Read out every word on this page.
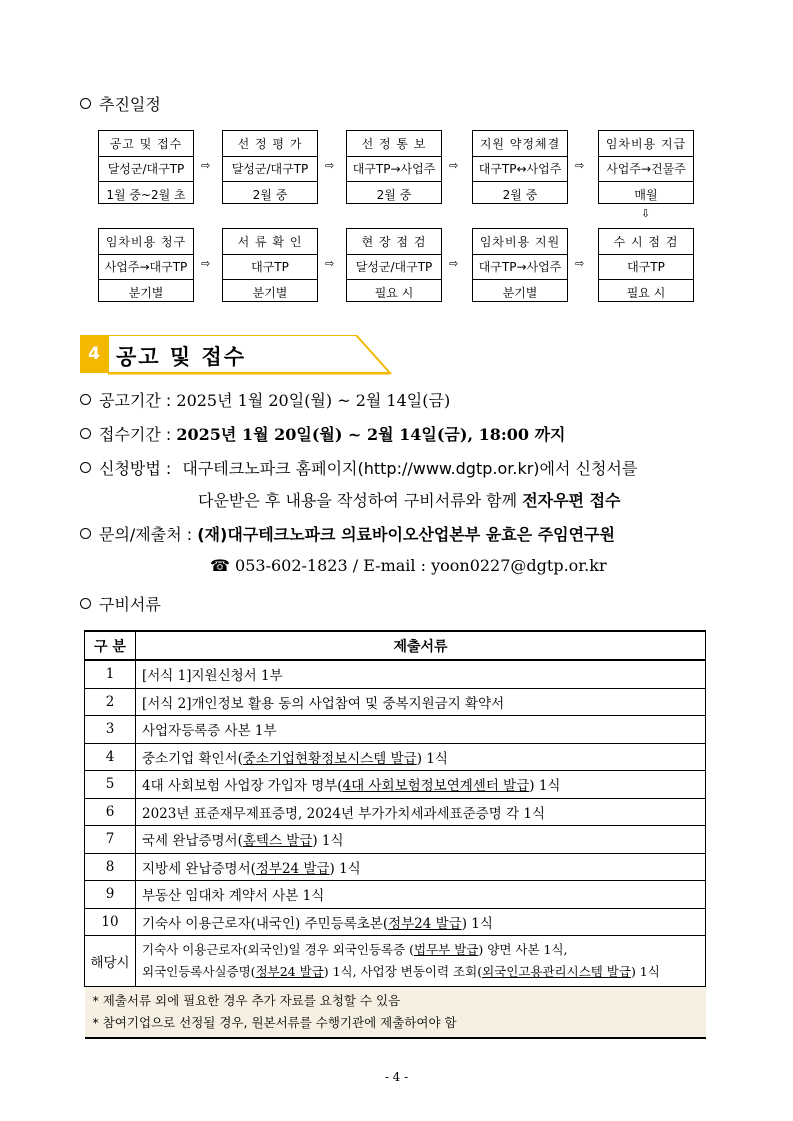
추진일정
공고 및 접수
달성군/대구TP
1월 중~2월 초
⇨
선 정 평 가
달성군/대구TP
2월 중
⇨
선 정 통 보
대구TP→사업주
2월 중
⇨
지원 약정체결
대구TP↔사업주
2월 중
⇨
임차비용 지급
사업주→건물주
매월
임차비용 청구
사업주→대구TP
분기별
⇨
서 류 확 인
대구TP
분기별
⇨
현 장 점 검
달성군/대구TP
필요 시
⇨
임차비용 지원
대구TP→사업주
분기별
⇨
수 시 점 검
대구TP
필요 시
⇩
4 공고 및 접수
공고기간 : 2025년 1월 20일(월) ~ 2월 14일(금)
접수기간 : 2025년 1월 20일(월) ~ 2월 14일(금), 18:00 까지
신청방법 : 대구테크노파크 홈페이지(http://www.dgtp.or.kr)에서 신청서를
다운받은 후 내용을 작성하여 구비서류와 함께 전자우편 접수
문의/제출처 : (재)대구테크노파크 의료바이오산업본부 윤효은 주임연구원
☎ 053-602-1823 / E-mail : yoon0227@dgtp.or.kr
구비서류
구 분	제출서류
1	[서식 1]지원신청서 1부
2	[서식 2]개인정보 활용 동의 사업참여 및 중복지원금지 확약서
3	사업자등록증 사본 1부
4	중소기업 확인서(중소기업현황정보시스템 발급) 1식
5	4대 사회보험 사업장 가입자 명부(4대 사회보험정보연계센터 발급) 1식
6	2023년 표준재무제표증명, 2024년 부가가치세과세표준증명 각 1식
7	국세 완납증명서(홈텍스 발급) 1식
8	지방세 완납증명서(정부24 발급) 1식
9	부동산 임대차 계약서 사본 1식
10	기숙사 이용근로자(내국인) 주민등록초본(정부24 발급) 1식
해당시	기숙사 이용근로자(외국인)일 경우 외국인등록증 (법무부 발급) 양면 사본 1식,
외국인등록사실증명(정부24 발급) 1식, 사업장 변동이력 조회(외국인고용관리시스템 발급) 1식

* 제출서류 외에 필요한 경우 추가 자료를 요청할 수 있음
* 참여기업으로 선정될 경우, 원본서류를 수행기관에 제출하여야 함	
- 4 -
